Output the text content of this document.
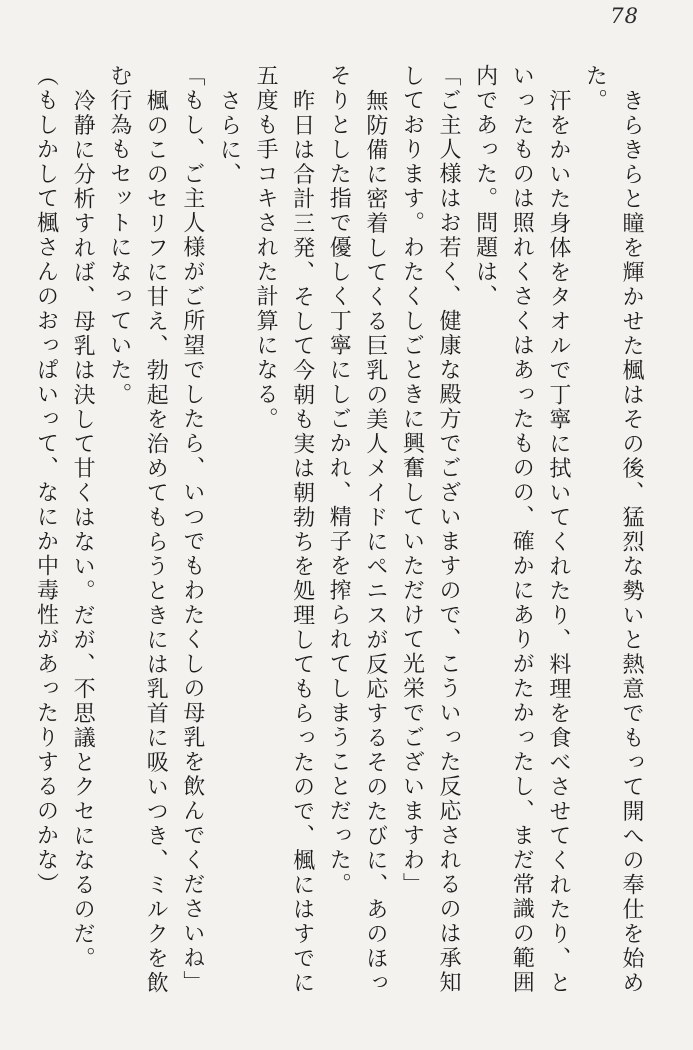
78
きらきらと瞳を輝かせた楓はその後、猛烈な勢いと熱意でもって開への奉仕を始め
た。
汗をかいた身体をタオルで丁寧に拭いてくれたり、料理を食べさせてくれたり、と
いったものは照れくさくはあったものの、確かにありがたかったし、まだ常識の範囲
内であった。問題は、
「ご主人様はお若く、健康な殿方でございますので、こういった反応されるのは承知
しております。わたくしごときに興奮していただけて光栄でございますわ」
無防備に密着してくる巨乳の美人メイドにペニスが反応するそのたびに、あのほっ
そりとした指で優しく丁寧にしごかれ、精子を搾られてしまうことだった。
昨日は合計三発、そして今朝も実は朝勃ちを処理してもらったので、楓にはすでに
五度も手コキされた計算になる。
さらに、
「もし、ご主人様がご所望でしたら、いつでもわたくしの母乳を飲んでくださいね」
楓のこのセリフに甘え、勃起を治めてもらうときには乳首に吸いつき、ミルクを飲
む行為もセットになっていた。
冷静に分析すれば、母乳は決して甘くはない。だが、不思議とクセになるのだ。
（もしかして楓さんのおっぱいって、なにか中毒性があったりするのかな）
